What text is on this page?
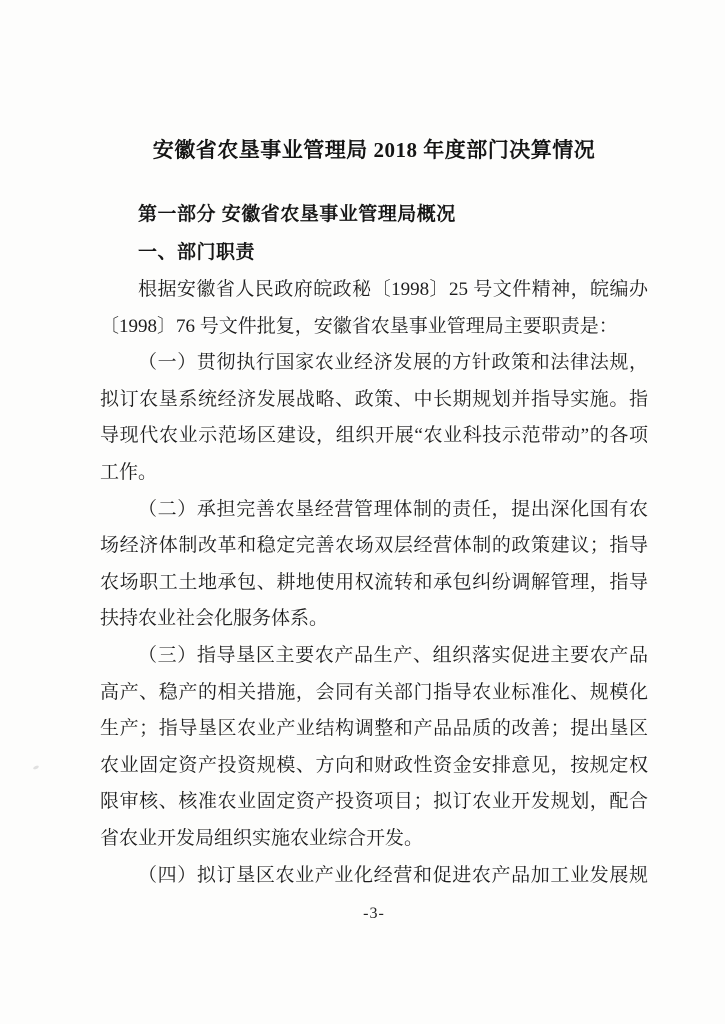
安徽省农垦事业管理局 2018 年度部门决算情况
第一部分 安徽省农垦事业管理局概况
一、部门职责
根据安徽省人民政府皖政秘〔1998〕25 号文件精神，皖编办
〔1998〕76 号文件批复，安徽省农垦事业管理局主要职责是：
（一）贯彻执行国家农业经济发展的方针政策和法律法规，
拟订农垦系统经济发展战略、政策、中长期规划并指导实施。指
导现代农业示范场区建设，组织开展“农业科技示范带动”的各项
工作。
（二）承担完善农垦经营管理体制的责任，提出深化国有农
场经济体制改革和稳定完善农场双层经营体制的政策建议；指导
农场职工土地承包、耕地使用权流转和承包纠纷调解管理，指导
扶持农业社会化服务体系。
（三）指导垦区主要农产品生产、组织落实促进主要农产品
高产、稳产的相关措施，会同有关部门指导农业标准化、规模化
生产；指导垦区农业产业结构调整和产品品质的改善；提出垦区
农业固定资产投资规模、方向和财政性资金安排意见，按规定权
限审核、核准农业固定资产投资项目；拟订农业开发规划，配合
省农业开发局组织实施农业综合开发。
（四）拟订垦区农业产业化经营和促进农产品加工业发展规
-3-
